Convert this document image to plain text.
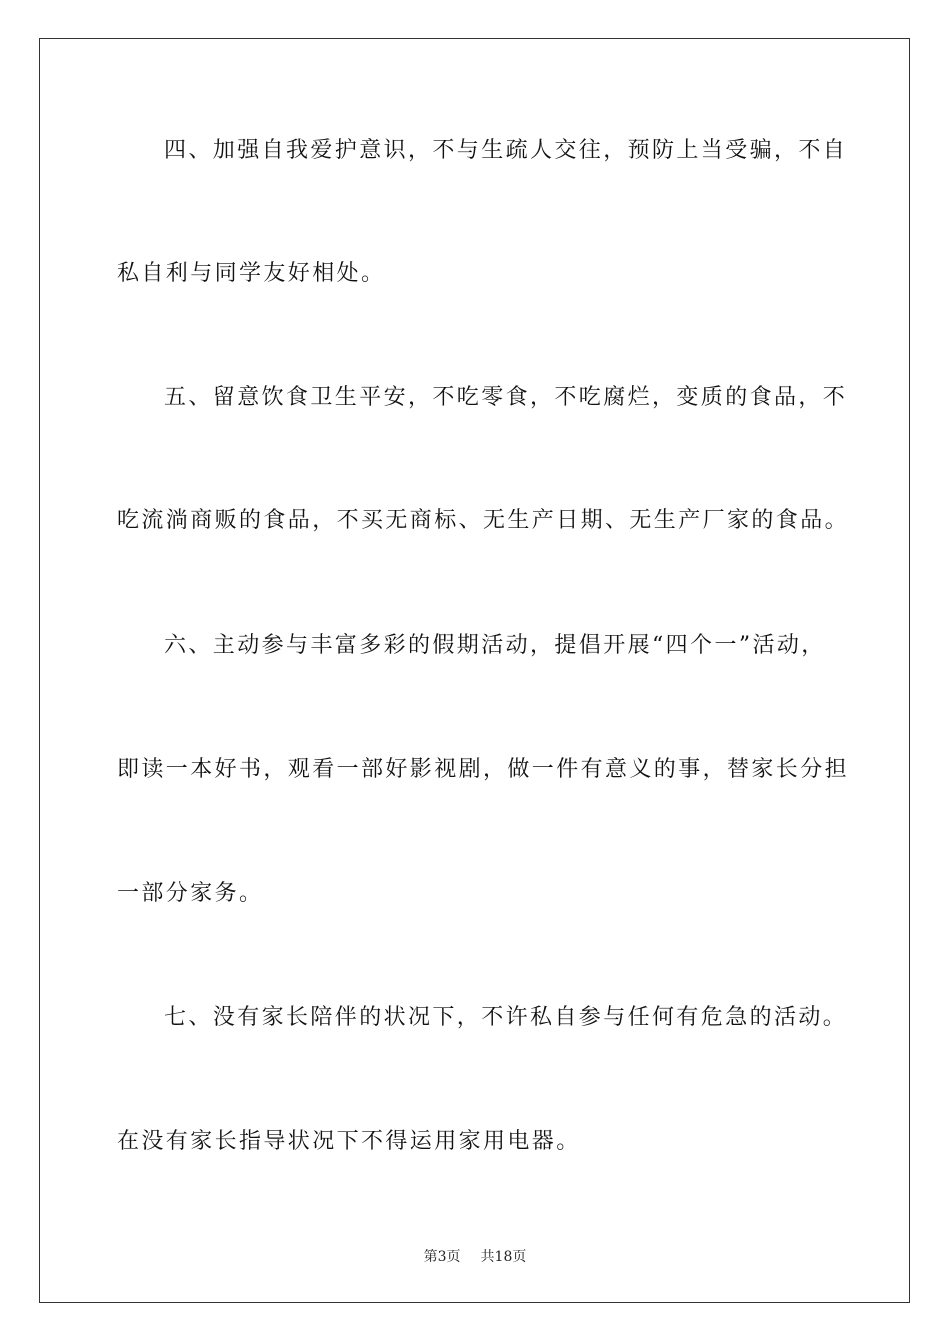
四、加强自我爱护意识，不与生疏人交往，预防上当受骗，不自
私自利与同学友好相处。
五、留意饮食卫生平安，不吃零食，不吃腐烂，变质的食品，不
吃流淌商贩的食品，不买无商标、无生产日期、无生产厂家的食品。
六、主动参与丰富多彩的假期活动，提倡开展“四个一”活动，
即读一本好书，观看一部好影视剧，做一件有意义的事，替家长分担
一部分家务。
七、没有家长陪伴的状况下，不许私自参与任何有危急的活动。
在没有家长指导状况下不得运用家用电器。
第3页 共18页
